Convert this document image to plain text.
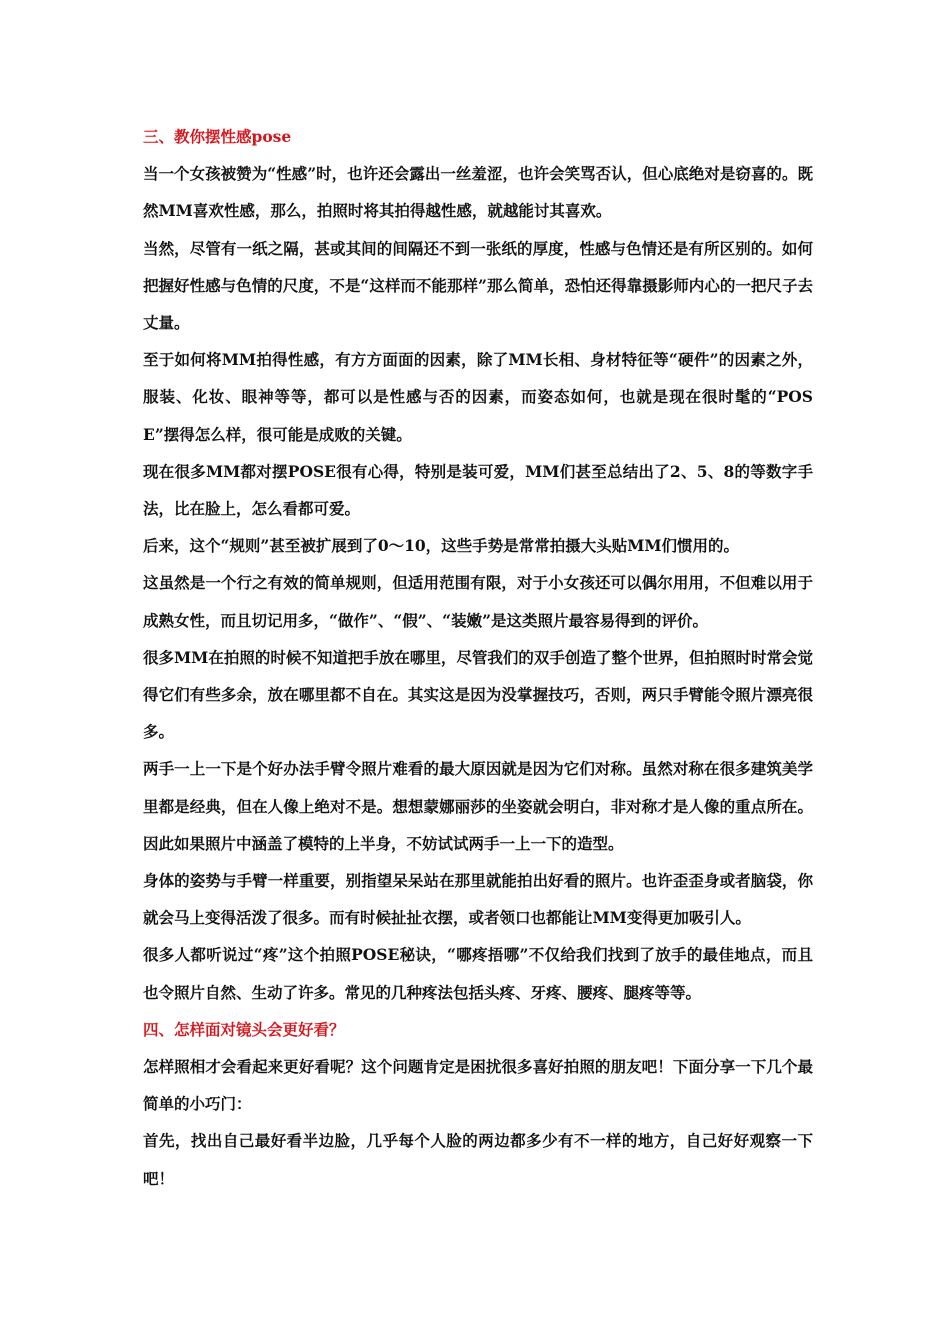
三、教你摆性感pose
当一个女孩被赞为“性感”时，也许还会露出一丝羞涩，也许会笑骂否认，但心底绝对是窃喜的。既然MM喜欢性感，那么，拍照时将其拍得越性感，就越能讨其喜欢。
当然，尽管有一纸之隔，甚或其间的间隔还不到一张纸的厚度，性感与色情还是有所区别的。如何把握好性感与色情的尺度，不是“这样而不能那样”那么简单，恐怕还得靠摄影师内心的一把尺子去丈量。
至于如何将MM拍得性感，有方方面面的因素，除了MM长相、身材特征等“硬件”的因素之外，服装、化妆、眼神等等，都可以是性感与否的因素，而姿态如何，也就是现在很时髦的“POSE”摆得怎么样，很可能是成败的关键。
现在很多MM都对摆POSE很有心得，特别是装可爱，MM们甚至总结出了2、5、8的等数字手法，比在脸上，怎么看都可爱。
后来，这个“规则”甚至被扩展到了0～10，这些手势是常常拍摄大头贴MM们惯用的。
这虽然是一个行之有效的简单规则，但适用范围有限，对于小女孩还可以偶尔用用，不但难以用于成熟女性，而且切记用多，“做作”、“假”、“装嫩”是这类照片最容易得到的评价。
很多MM在拍照的时候不知道把手放在哪里，尽管我们的双手创造了整个世界，但拍照时时常会觉得它们有些多余，放在哪里都不自在。其实这是因为没掌握技巧，否则，两只手臂能令照片漂亮很多。
两手一上一下是个好办法手臂令照片难看的最大原因就是因为它们对称。虽然对称在很多建筑美学里都是经典，但在人像上绝对不是。想想蒙娜丽莎的坐姿就会明白，非对称才是人像的重点所在。因此如果照片中涵盖了模特的上半身，不妨试试两手一上一下的造型。
身体的姿势与手臂一样重要，别指望呆呆站在那里就能拍出好看的照片。也许歪歪身或者脑袋，你就会马上变得活泼了很多。而有时候扯扯衣摆，或者领口也都能让MM变得更加吸引人。
很多人都听说过“疼”这个拍照POSE秘诀，“哪疼捂哪”不仅给我们找到了放手的最佳地点，而且也令照片自然、生动了许多。常见的几种疼法包括头疼、牙疼、腰疼、腿疼等等。
四、怎样面对镜头会更好看？
怎样照相才会看起来更好看呢？这个问题肯定是困扰很多喜好拍照的朋友吧！下面分享一下几个最简单的小巧门：
首先，找出自己最好看半边脸，几乎每个人脸的两边都多少有不一样的地方，自己好好观察一下吧！
